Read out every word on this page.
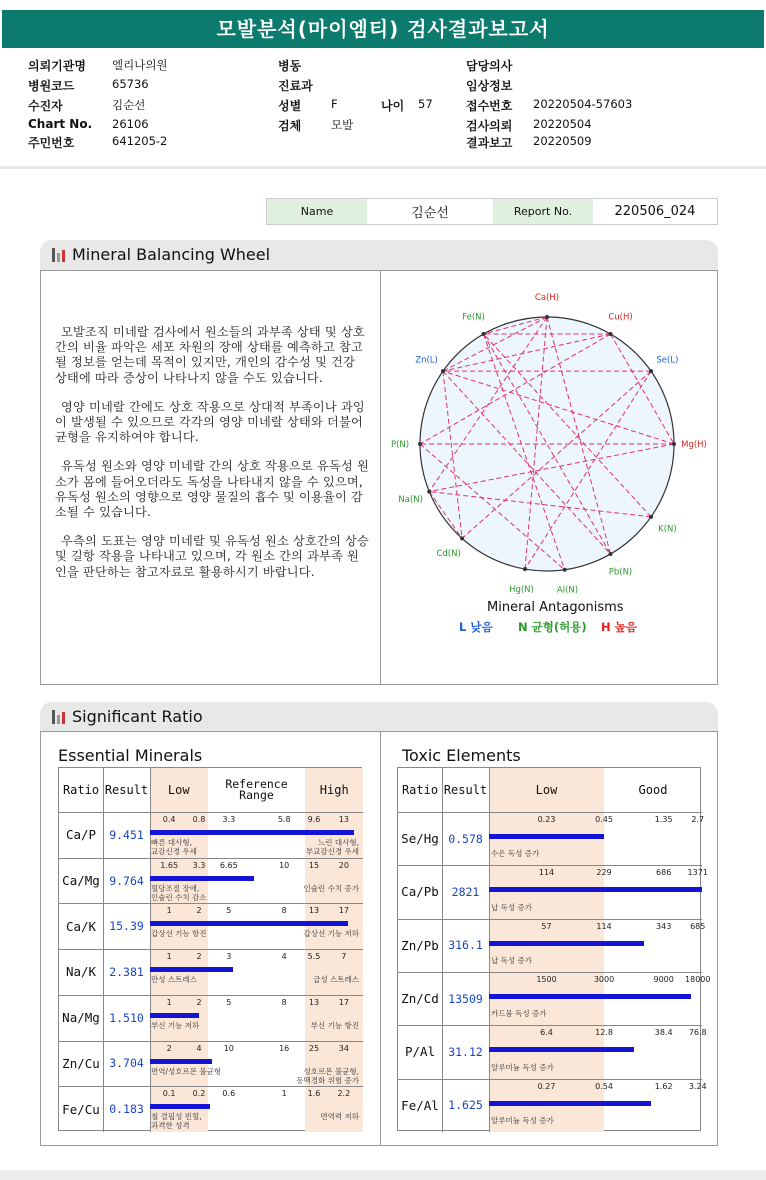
모발분석(마이엠티) 검사결과보고서
의뢰기관명 엘리나의원
병원코드	65736
수진자	김순선
Chart No. 26106
주민번호	641205-2
병동
진료과
성별	F
검체	모발
담당의사
임상정보
접수번호 20220504-57603
검사의뢰 20220504
결과보고 20220509
나이 57
Name	김순선	Report No.	220506_024
Mineral Balancing Wheel

모발조직 미네랄 검사에서 원소들의 과부족 상태 및 상호간의 비율 파악은 세포 차원의 장애 상태를 예측하고 참고될 정보를 얻는데 목적이 있지만, 개인의 감수성 및 건강 상태에 따라 증상이 나타나지 않을 수도 있습니다.

영양 미네랄 간에도 상호 작용으로 상대적 부족이나 과잉이 발생될 수 있으므로 각각의 영양 미네랄 상태와 더불어 균형을 유지하여야 합니다.

유독성 원소와 영양 미네랄 간의 상호 작용으로 유독성 원소가 몸에 들어오더라도 독성을 나타내지 않을 수 있으며, 유독성 원소의 영향으로 영양 물질의 흡수 및 이용율이 감소될 수 있습니다.

우측의 도표는 영양 미네랄 및 유독성 원소 상호간의 상승 및 길항 작용을 나타내고 있으며, 각 원소 간의 과부족 원인을 판단하는 참고자료로 활용하시기 바랍니다.

Ca(H)
Cu(H)
Se(L)
Mg(H)
K(N)
Pb(N)
Al(N)
Hg(N)
Cd(N)
Na(N)
P(N)
Zn(L)
Fe(N)
Mineral Antagonisms
L 낮음 N 균형(허용) H 높음
Significant Ratio
Essential Minerals	Toxic Elements
Ratio Result	Low	Reference Range	High
Ca/P	9.451
0.4 0.8 3.3	5.8 9.6 13
빠른 대사형,
교감신경 우세
느린 대사형,
부교감신경 우세
Ca/Mg 9.764
1.65 3.3 6.65	10 15 20
혈당조절 장애,
인슐린 수치 감소
인슐린 수치 증가
Ca/K	15.39
1	2	5	8	13 17
갑상선 기능 항진	갑상선 기능 저하
Na/K	2.381
1	2	3	4	5.5	7
만성 스트레스	급성 스트레스
Na/Mg 1.510
1	2	5	8	13 17
부신 기능 저하	부신 기능 항진
Zn/Cu 3.704
2	4	10	16 25 34
면역/성호르몬 불균형	성호르몬 불균형,
동맥경화 위험 증가
Fe/Cu 0.183
0.1 0.2 0.6	1	1.6 2.2
철 결핍성 빈혈,
과격한 성격
면역력 저하
Ratio Result	Low	Good
Se/Hg 0.578
0.23	0.45	1.35 2.7
수은 독성 증가
Ca/Pb	2821
114	229	686 1371
납 독성 증가
Zn/Pb 316.1
57	114	343 685
납 독성 증가
Zn/Cd 13509
1500	3000	9000 18000
카드뮴 독성 증가
P/Al	31.12
6.4	12.8	38.4 76.8
알루미늄 독성 증가
Fe/Al 1.625
0.27	0.54	1.62 3.24
알루미늄 독성 증가
